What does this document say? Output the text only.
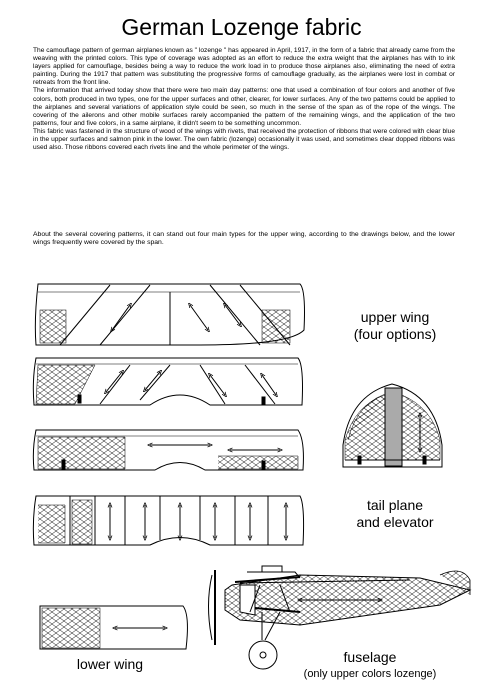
German Lozenge fabric

The camouflage pattern of german airplanes known as " lozenge " has appeared in April, 1917, in the form of a fabric that already came from the weaving with the printed colors. This type of coverage was adopted as an effort to reduce the extra weight that the airplanes has with to ink layers applied for camouflage, besides being a way to reduce the work load in to produce those airplanes also, eliminating the need of extra painting. During the 1917 that pattern was substituting the progressive forms of camouflage gradually, as the airplanes were lost in combat or retreats from the front line.

The information that arrived today show that there were two main day patterns: one that used a combination of four colors and another of five colors, both produced in two types, one for the upper surfaces and other, clearer, for lower surfaces. Any of the two patterns could be applied to the airplanes and several variations of application style could be seen, so much in the sense of the span as of the rope of the wings. The covering of the ailerons and other mobile surfaces rarely accompanied the pattern of the remaining wings, and the application of the two patterns, four and five colors, in a same airplane, it didn't seem to be something uncommon.

This fabric was fastened in the structure of wood of the wings with rivets, that received the protection of ribbons that were colored with clear blue in the upper surfaces and salmon pink in the lower. The own fabric (lozenge) occasionally it was used, and sometimes clear dopped ribbons was used also. Those ribbons covered each rivets line and the whole perimeter of the wings.

About the several covering patterns, it can stand out four main types for the upper wing, according to the drawings below, and the lower wings frequently were covered by the span.
upper wing
(four options)
tail plane
and elevator
lower wing	fuselage
(only upper colors lozenge)
